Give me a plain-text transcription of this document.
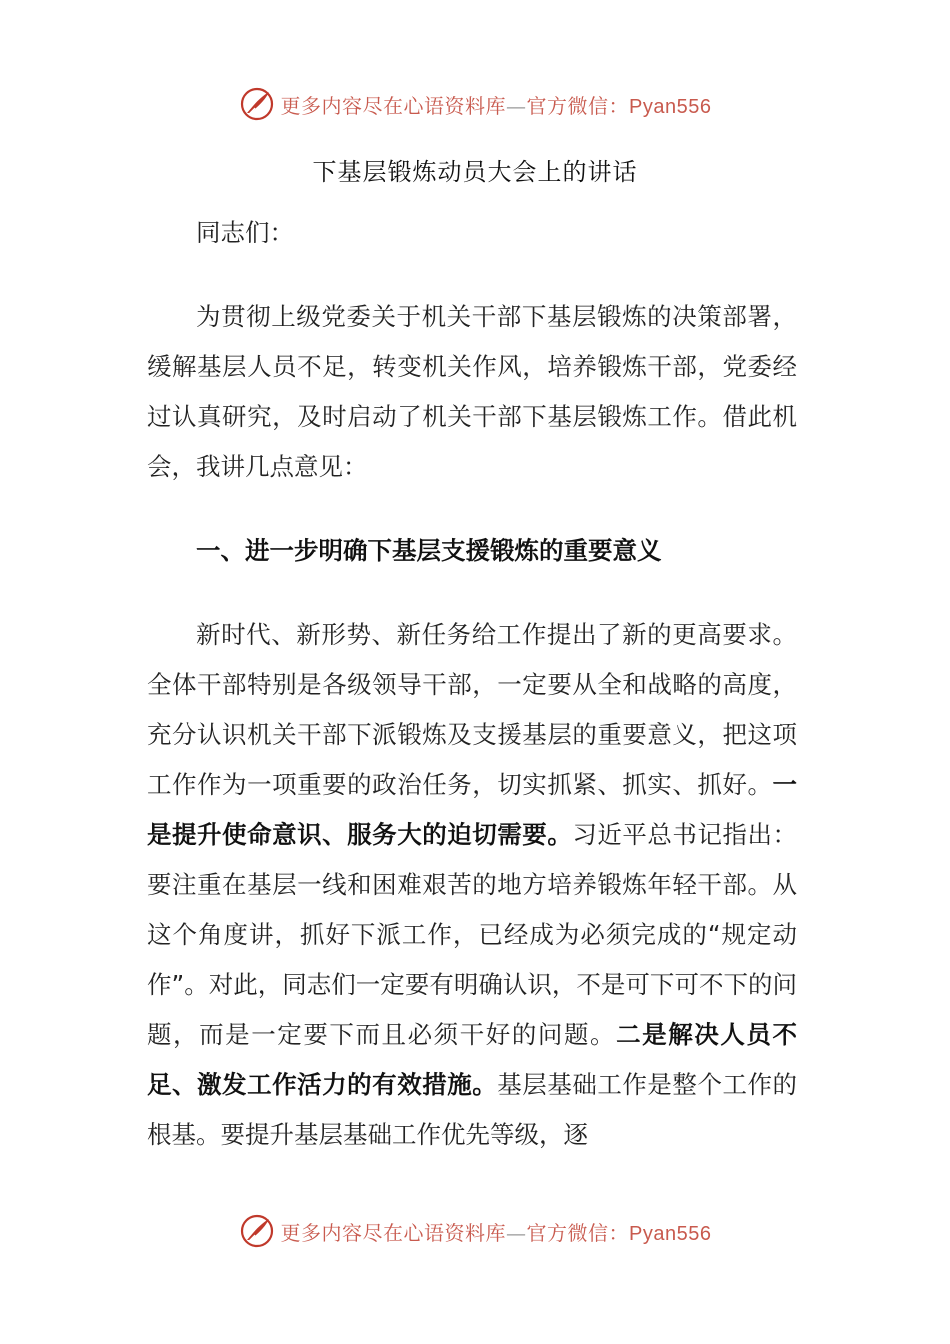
更多内容尽在心语资料库—官方微信：Pyan556
下基层锻炼动员大会上的讲话

同志们：

为贯彻上级党委关于机关干部下基层锻炼的决策部署，缓解基层人员不足，转变机关作风，培养锻炼干部，党委经过认真研究，及时启动了机关干部下基层锻炼工作。借此机会，我讲几点意见：

一、进一步明确下基层支援锻炼的重要意义

新时代、新形势、新任务给工作提出了新的更高要求。全体干部特别是各级领导干部，一定要从全和战略的高度，充分认识机关干部下派锻炼及支援基层的重要意义，把这项工作作为一项重要的政治任务，切实抓紧、抓实、抓好。一是提升使命意识、服务大的迫切需要。习近平总书记指出：要注重在基层一线和困难艰苦的地方培养锻炼年轻干部。从这个角度讲，抓好下派工作，已经成为必须完成的“规定动作”。对此，同志们一定要有明确认识，不是可下可不下的问题，而是一定要下而且必须干好的问题。二是解决人员不足、激发工作活力的有效措施。基层基础工作是整个工作的根基。要提升基层基础工作优先等级，逐

更多内容尽在心语资料库—官方微信：Pyan556
